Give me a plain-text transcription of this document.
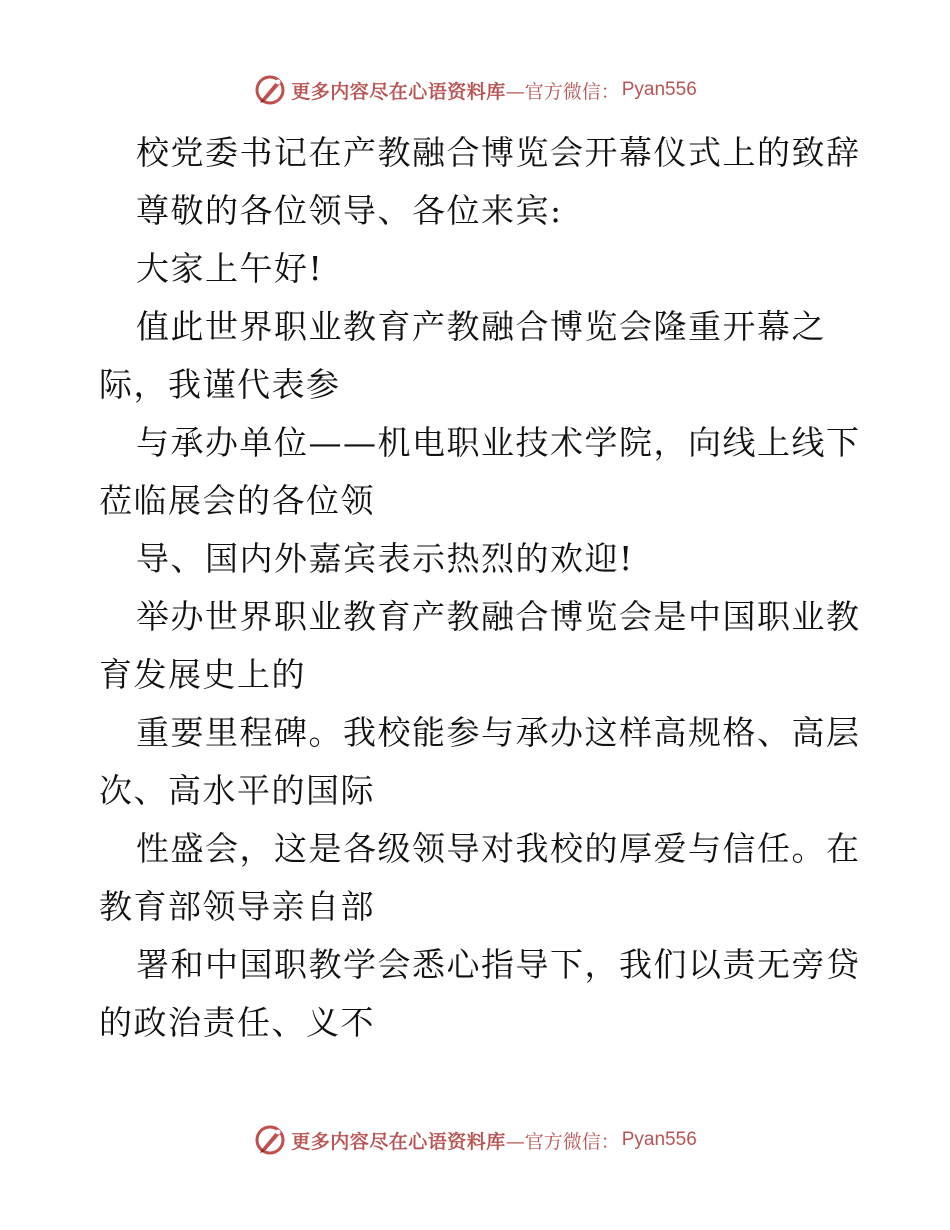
更多内容尽在心语资料库 —官方微信： Pyan556
校党委书记在产教融合博览会开幕仪式上的致辞
尊敬的各位领导、各位来宾:
大家上午好!
值此世界职业教育产教融合博览会隆重开幕之
际，我谨代表参
与承办单位——机电职业技术学院，向线上线下
莅临展会的各位领
导、国内外嘉宾表示热烈的欢迎!
举办世界职业教育产教融合博览会是中国职业教
育发展史上的
重要里程碑。我校能参与承办这样高规格、高层
次、高水平的国际
性盛会，这是各级领导对我校的厚爱与信任。在
教育部领导亲自部
署和中国职教学会悉心指导下，我们以责无旁贷
的政治责任、义不
更多内容尽在心语资料库 —官方微信： Pyan556
